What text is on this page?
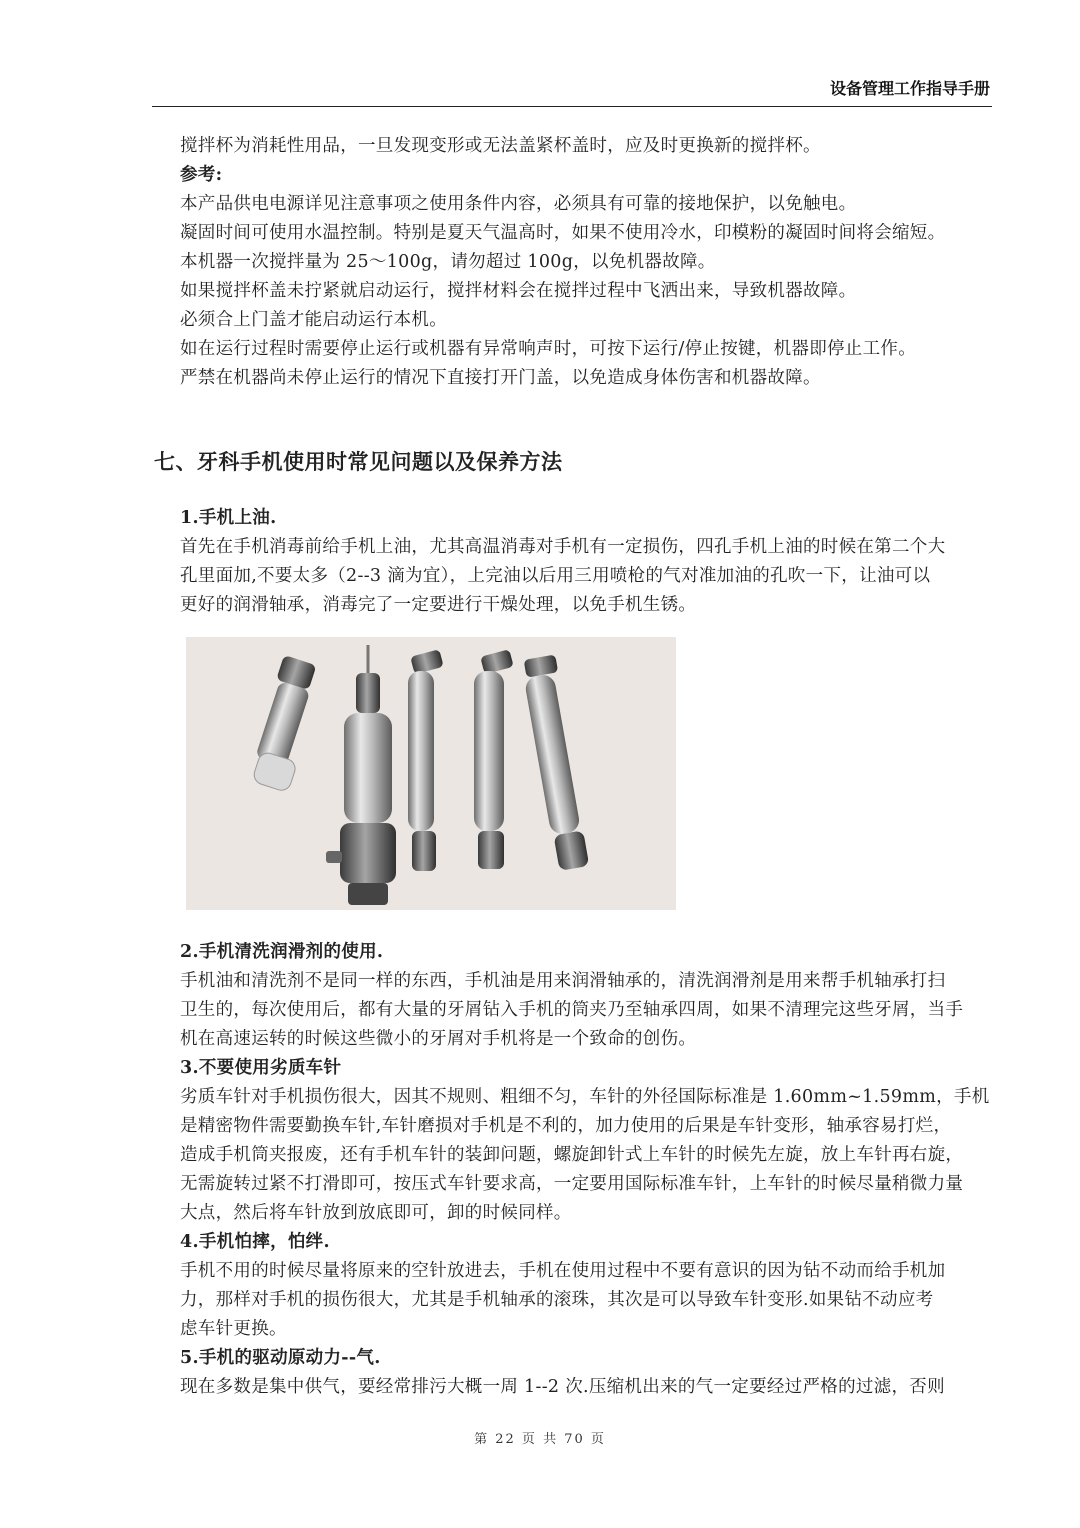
设备管理工作指导手册
搅拌杯为消耗性用品，一旦发现变形或无法盖紧杯盖时，应及时更换新的搅拌杯。
参考:
本产品供电电源详见注意事项之使用条件内容，必须具有可靠的接地保护，以免触电。
凝固时间可使用水温控制。特别是夏天气温高时，如果不使用冷水，印模粉的凝固时间将会缩短。
本机器一次搅拌量为 25～100g，请勿超过 100g，以免机器故障。
如果搅拌杯盖未拧紧就启动运行，搅拌材料会在搅拌过程中飞洒出来，导致机器故障。
必须合上门盖才能启动运行本机。
如在运行过程时需要停止运行或机器有异常响声时，可按下运行/停止按键，机器即停止工作。
严禁在机器尚未停止运行的情况下直接打开门盖，以免造成身体伤害和机器故障。
七、牙科手机使用时常见问题以及保养方法
1.手机上油.
首先在手机消毒前给手机上油，尤其高温消毒对手机有一定损伤，四孔手机上油的时候在第二个大
孔里面加,不要太多（2--3 滴为宜），上完油以后用三用喷枪的气对准加油的孔吹一下，让油可以
更好的润滑轴承，消毒完了一定要进行干燥处理，以免手机生锈。
2.手机清洗润滑剂的使用.
手机油和清洗剂不是同一样的东西，手机油是用来润滑轴承的，清洗润滑剂是用来帮手机轴承打扫
卫生的，每次使用后，都有大量的牙屑钻入手机的筒夹乃至轴承四周，如果不清理完这些牙屑，当手
机在高速运转的时候这些微小的牙屑对手机将是一个致命的创伤。
3.不要使用劣质车针
劣质车针对手机损伤很大，因其不规则、粗细不匀，车针的外径国际标准是 1.60mm~1.59mm，手机
是精密物件需要勤换车针,车针磨损对手机是不利的，加力使用的后果是车针变形，轴承容易打烂，
造成手机筒夹报废，还有手机车针的装卸问题，螺旋卸针式上车针的时候先左旋，放上车针再右旋，
无需旋转过紧不打滑即可，按压式车针要求高，一定要用国际标准车针，上车针的时候尽量稍微力量
大点，然后将车针放到放底即可，卸的时候同样。
4.手机怕摔，怕绊.
手机不用的时候尽量将原来的空针放进去，手机在使用过程中不要有意识的因为钻不动而给手机加
力，那样对手机的损伤很大，尤其是手机轴承的滚珠，其次是可以导致车针变形.如果钻不动应考
虑车针更换。
5.手机的驱动原动力--气.
现在多数是集中供气，要经常排污大概一周 1--2 次.压缩机出来的气一定要经过严格的过滤，否则
第 22 页 共 70 页
